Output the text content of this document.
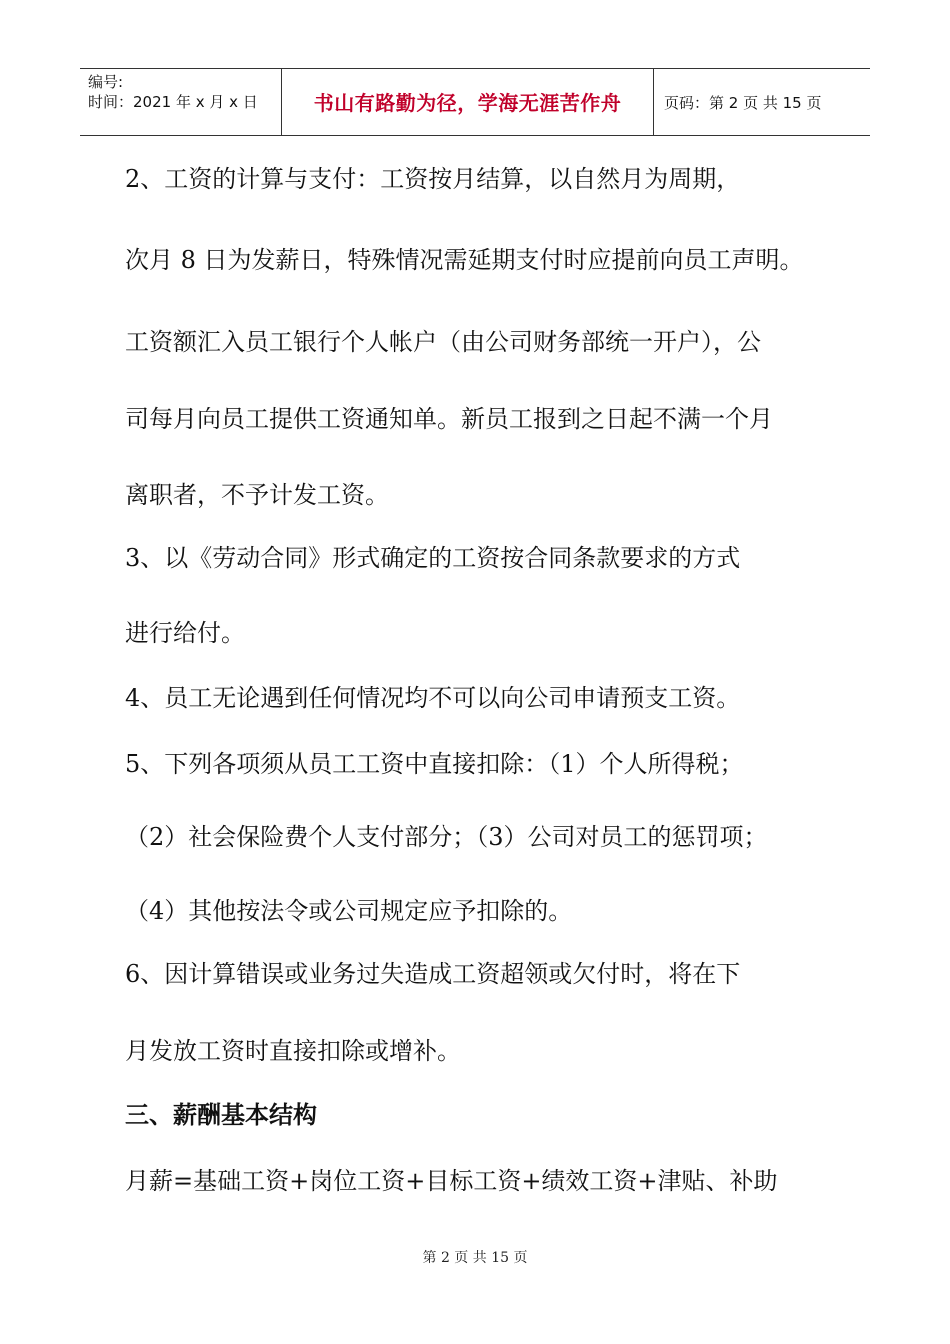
编号:
时间：2021 年 x 月 x 日	书山有路勤为径，学海无涯苦作舟	页码：第 2 页 共 15 页
2、工资的计算与支付：工资按月结算，以自然月为周期，
次月 8 日为发薪日，特殊情况需延期支付时应提前向员工声明。
工资额汇入员工银行个人帐户（由公司财务部统一开户），公
司每月向员工提供工资通知单。新员工报到之日起不满一个月
离职者，不予计发工资。
3、以《劳动合同》形式确定的工资按合同条款要求的方式
进行给付。
4、员工无论遇到任何情况均不可以向公司申请预支工资。
5、下列各项须从员工工资中直接扣除：（1）个人所得税；
（2）社会保险费个人支付部分；（3）公司对员工的惩罚项；
（4）其他按法令或公司规定应予扣除的。
6、因计算错误或业务过失造成工资超领或欠付时，将在下
月发放工资时直接扣除或增补。
三、薪酬基本结构
月薪=基础工资+岗位工资+目标工资+绩效工资+津贴、补助
第 2 页 共 15 页
